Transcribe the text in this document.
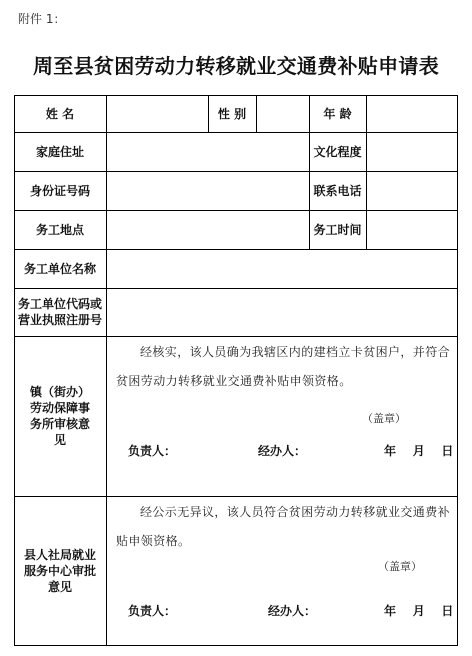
附件 1：
周至县贫困劳动力转移就业交通费补贴申请表
姓 名	性 别	年 龄
家庭住址	文化程度
身份证号码	联系电话
务工地点	务工时间
务工单位名称
务工单位代码或营业执照注册号
镇（街办）劳动保障事务所审核意见
经核实，该人员确为我辖区内的建档立卡贫困户，并符合贫困劳动力转移就业交通费补贴申领资格。
（盖章）
负责人：	经办人：	年    月    日
县人社局就业服务中心审批意见
经公示无异议，该人员符合贫困劳动力转移就业交通费补贴申领资格。
（盖章）
负责人：	经办人：	年    月    日
